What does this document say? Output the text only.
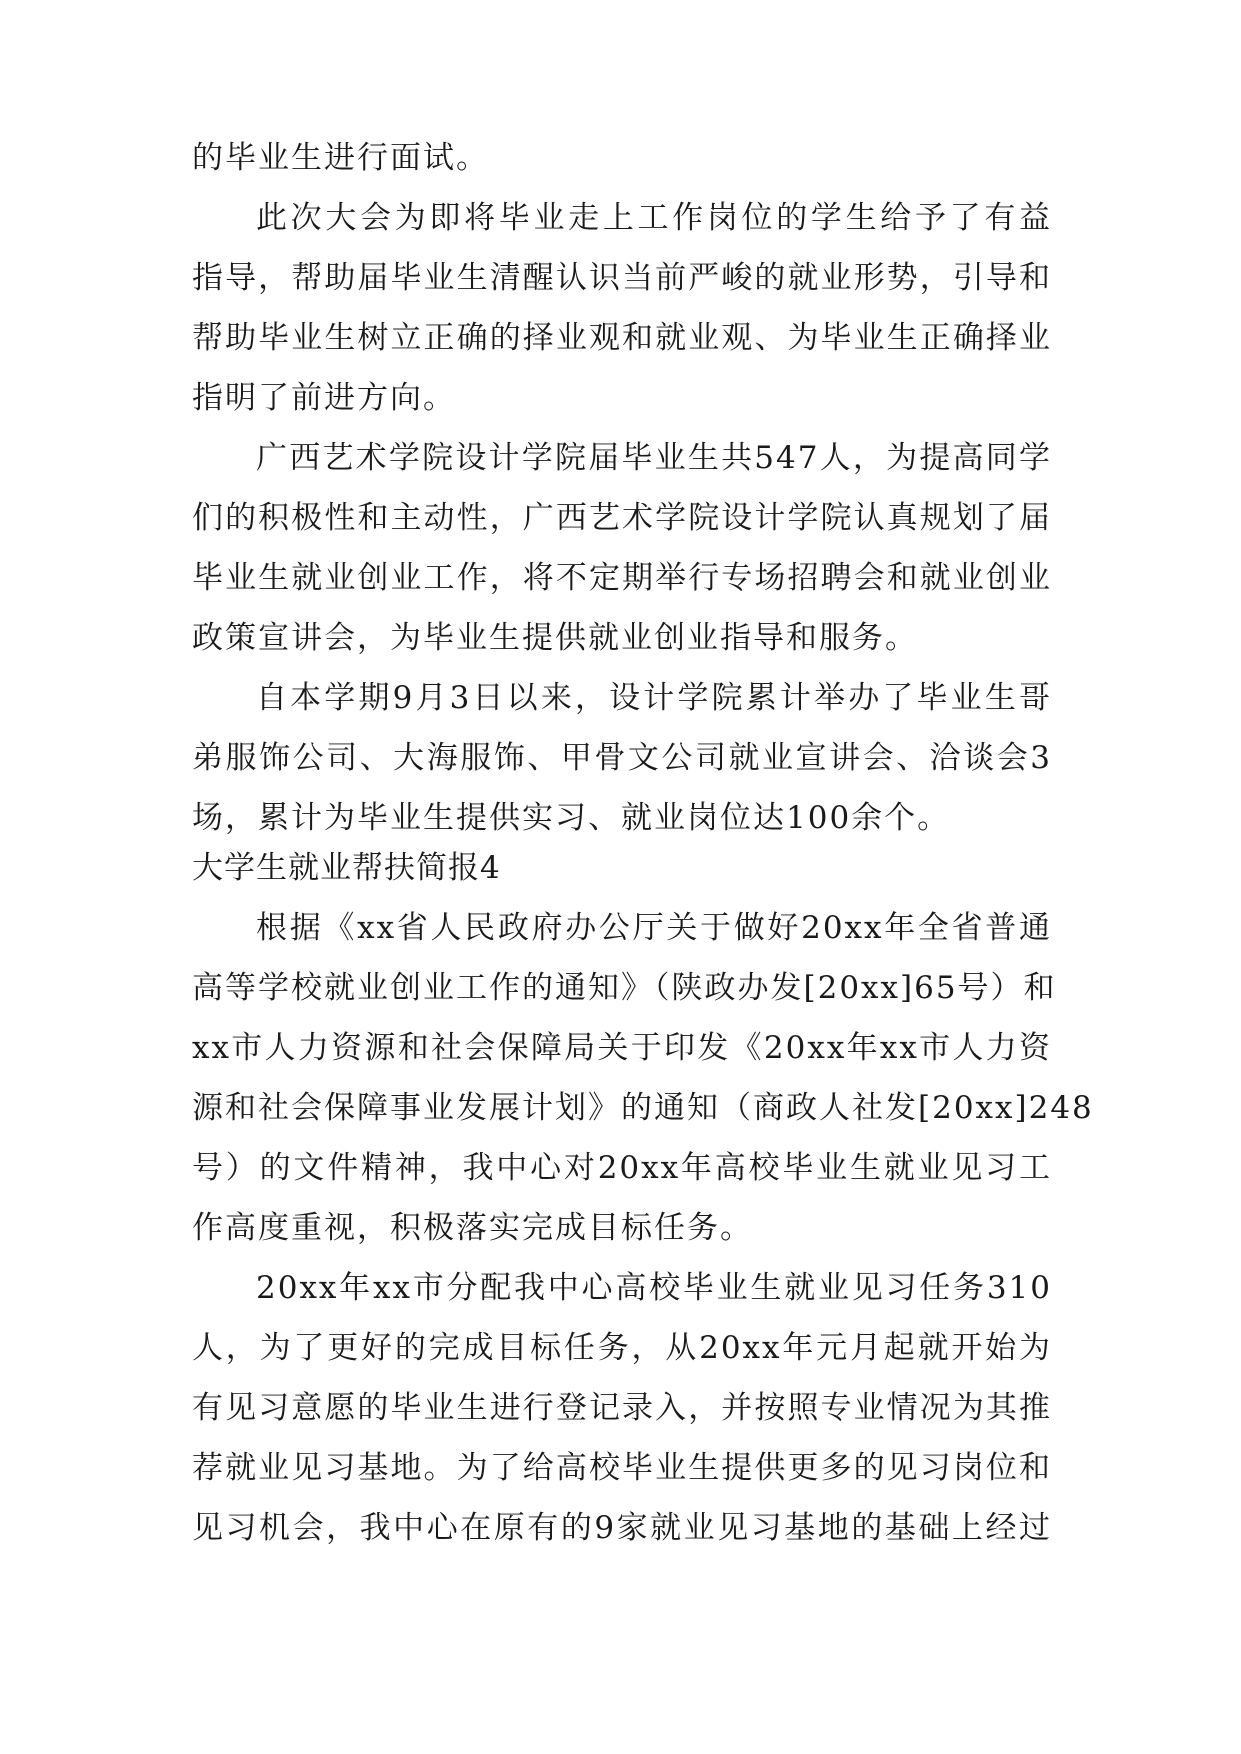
的毕业生进行面试。
此次大会为即将毕业走上工作岗位的学生给予了有益
指导，帮助届毕业生清醒认识当前严峻的就业形势，引导和
帮助毕业生树立正确的择业观和就业观、为毕业生正确择业
指明了前进方向。
广西艺术学院设计学院届毕业生共547人，为提高同学
们的积极性和主动性，广西艺术学院设计学院认真规划了届
毕业生就业创业工作，将不定期举行专场招聘会和就业创业
政策宣讲会，为毕业生提供就业创业指导和服务。
自本学期9月3日以来，设计学院累计举办了毕业生哥
弟服饰公司、大海服饰、甲骨文公司就业宣讲会、洽谈会3
场，累计为毕业生提供实习、就业岗位达100余个。
大学生就业帮扶简报4
根据《xx省人民政府办公厅关于做好20xx年全省普通
高等学校就业创业工作的通知》（陕政办发[20xx]65号）和
xx市人力资源和社会保障局关于印发《20xx年xx市人力资
源和社会保障事业发展计划》的通知（商政人社发[20xx]248
号）的文件精神，我中心对20xx年高校毕业生就业见习工
作高度重视，积极落实完成目标任务。
20xx年xx市分配我中心高校毕业生就业见习任务310
人，为了更好的完成目标任务，从20xx年元月起就开始为
有见习意愿的毕业生进行登记录入，并按照专业情况为其推
荐就业见习基地。为了给高校毕业生提供更多的见习岗位和
见习机会，我中心在原有的9家就业见习基地的基础上经过
